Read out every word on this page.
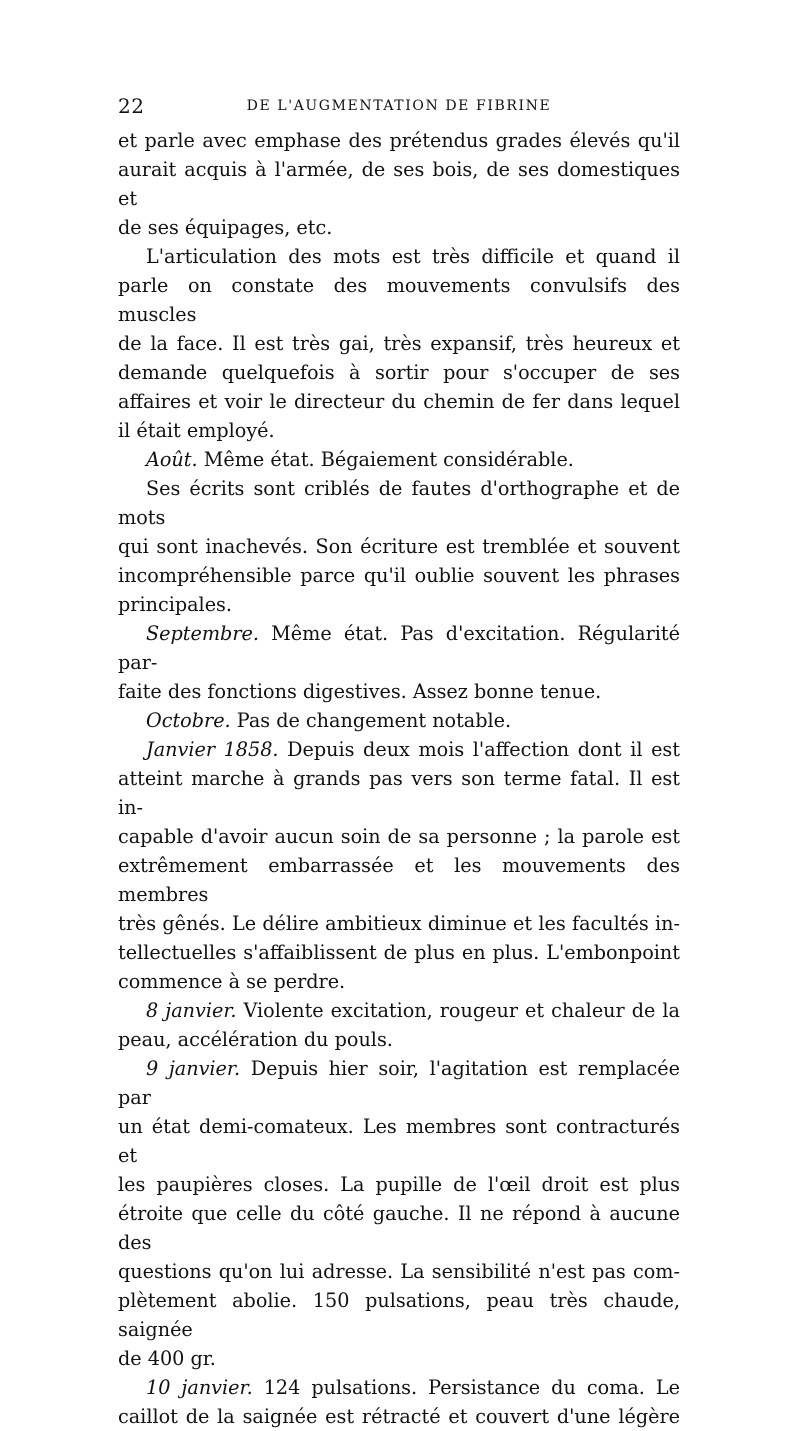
22	DE L'AUGMENTATION DE FIBRINE

et parle avec emphase des prétendus grades élevés qu'il

aurait acquis à l'armée, de ses bois, de ses domestiques et

de ses équipages, etc.

L'articulation des mots est très difficile et quand il

parle on constate des mouvements convulsifs des muscles

de la face. Il est très gai, très expansif, très heureux et

demande quelquefois à sortir pour s'occuper de ses

affaires et voir le directeur du chemin de fer dans lequel

il était employé.

Août. Même état. Bégaiement considérable.

Ses écrits sont criblés de fautes d'orthographe et de mots

qui sont inachevés. Son écriture est tremblée et souvent

incompréhensible parce qu'il oublie souvent les phrases

principales.

Septembre. Même état. Pas d'excitation. Régularité par-

faite des fonctions digestives. Assez bonne tenue.

Octobre. Pas de changement notable.

Janvier 1858. Depuis deux mois l'affection dont il est

atteint marche à grands pas vers son terme fatal. Il est in-

capable d'avoir aucun soin de sa personne ; la parole est

extrêmement embarrassée et les mouvements des membres

très gênés. Le délire ambitieux diminue et les facultés in-

tellectuelles s'affaiblissent de plus en plus. L'embonpoint

commence à se perdre.

8 janvier. Violente excitation, rougeur et chaleur de la

peau, accélération du pouls.

9 janvier. Depuis hier soir, l'agitation est remplacée par

un état demi-comateux. Les membres sont contracturés et

les paupières closes. La pupille de l'œil droit est plus

étroite que celle du côté gauche. Il ne répond à aucune des

questions qu'on lui adresse. La sensibilité n'est pas com-

plètement abolie. 150 pulsations, peau très chaude, saignée

de 400 gr.

10 janvier. 124 pulsations. Persistance du coma. Le

caillot de la saignée est rétracté et couvert d'une légère
